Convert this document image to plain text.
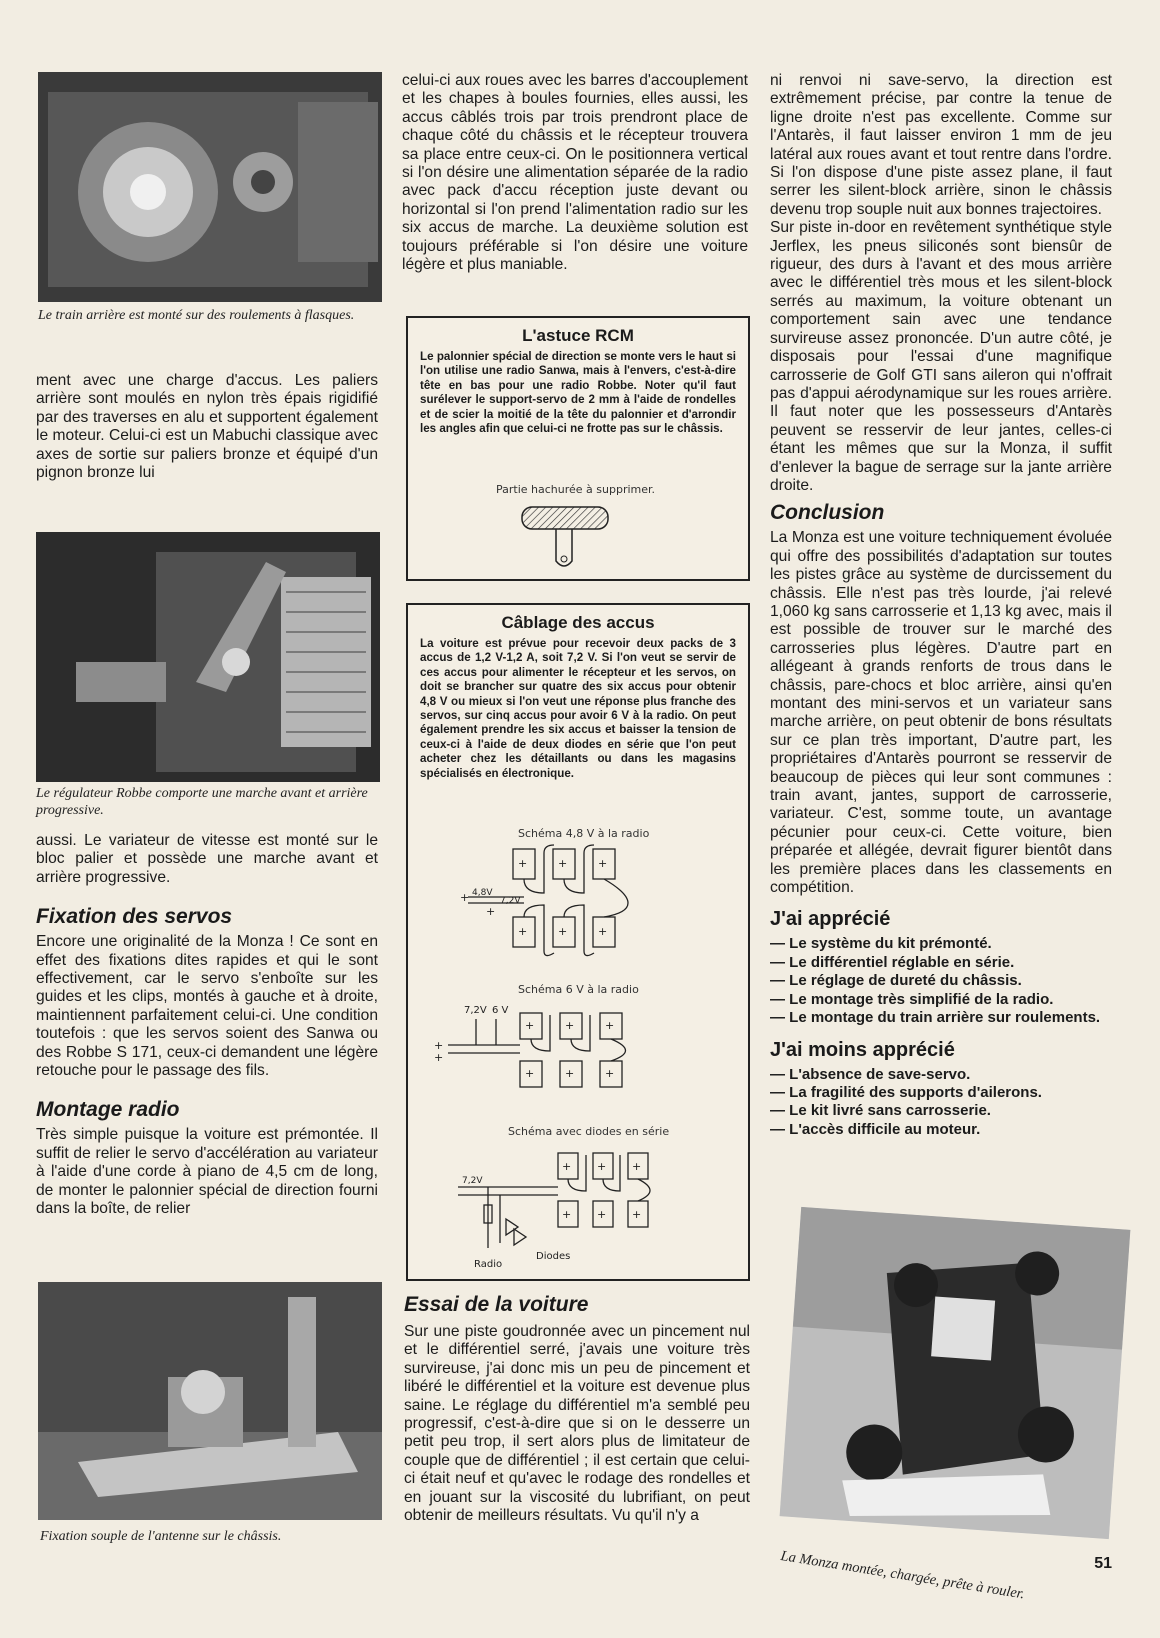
Le train arrière est monté sur des roulements à flasques.

ment avec une charge d'accus. Les paliers arrière sont moulés en nylon très épais rigidifié par des traverses en alu et supportent également le moteur. Celui-ci est un Mabuchi classique avec axes de sortie sur paliers bronze et équipé d'un pignon bronze lui

Le régulateur Robbe comporte une marche avant et arrière progressive.

aussi. Le variateur de vitesse est monté sur le bloc palier et possède une marche avant et arrière progressive.

Fixation des servos

Encore une originalité de la Monza ! Ce sont en effet des fixations dites rapides et qui le sont effectivement, car le servo s'enboîte sur les guides et les clips, montés à gauche et à droite, maintiennent parfaitement celui-ci. Une condition toutefois : que les servos soient des Sanwa ou des Robbe S 171, ceux-ci demandent une légère retouche pour le passage des fils.

Montage radio

Très simple puisque la voiture est prémontée. Il suffit de relier le servo d'accélération au variateur à l'aide d'une corde à piano de 4,5 cm de long, de monter le palonnier spécial de direction fourni dans la boîte, de relier

Fixation souple de l'antenne sur le châssis.

celui-ci aux roues avec les barres d'accouplement et les chapes à boules fournies, elles aussi, les accus câblés trois par trois prendront place de chaque côté du châssis et le récepteur trouvera sa place entre ceux-ci. On le positionnera vertical si l'on désire une alimentation séparée de la radio avec pack d'accu réception juste devant ou horizontal si l'on prend l'alimentation radio sur les six accus de marche. La deuxième solution est toujours préférable si l'on désire une voiture légère et plus maniable.

L'astuce RCM

Le palonnier spécial de direction se monte vers le haut si l'on utilise une radio Sanwa, mais à l'envers, c'est-à-dire tête en bas pour une radio Robbe. Noter qu'il faut surélever le support-servo de 2 mm à l'aide de rondelles et de scier la moitié de la tête du palonnier et d'arrondir les angles afin que celui-ci ne frotte pas sur le châssis.

Partie hachurée à supprimer.
Câblage des accus

La voiture est prévue pour recevoir deux packs de 3 accus de 1,2 V-1,2 A, soit 7,2 V. Si l'on veut se servir de ces accus pour alimenter le récepteur et les servos, on doit se brancher sur quatre des six accus pour obtenir 4,8 V ou mieux si l'on veut une réponse plus franche des servos, sur cinq accus pour avoir 6 V à la radio. On peut également prendre les six accus et baisser la tension de ceux-ci à l'aide de deux diodes en série que l'on peut acheter chez les détaillants ou dans les magasins spécialisés en électronique.

Schéma 4,8 V à la radio
+	+	+
+	+	+
+
+
4,8V
7,2V
Schéma 6 V à la radio
+	+	+
+	+	+
+
+
7,2V 6 V
Schéma avec diodes en série
+ + +
+ + +
7,2V
Radio
Diodes
Essai de la voiture

Sur une piste goudronnée avec un pincement nul et le différentiel serré, j'avais une voiture très survireuse, j'ai donc mis un peu de pincement et libéré le différentiel et la voiture est devenue plus saine. Le réglage du différentiel m'a semblé peu progressif, c'est-à-dire que si on le desserre un petit peu trop, il sert alors plus de limitateur de couple que de différentiel ; il est certain que celui-ci était neuf et qu'avec le rodage des rondelles et en jouant sur la viscosité du lubrifiant, on peut obtenir de meilleurs résultats. Vu qu'il n'y a

ni renvoi ni save-servo, la direction est extrêmement précise, par contre la tenue de ligne droite n'est pas excellente. Comme sur l'Antarès, il faut laisser environ 1 mm de jeu latéral aux roues avant et tout rentre dans l'ordre. Si l'on dispose d'une piste assez plane, il faut serrer les silent-block arrière, sinon le châssis devenu trop souple nuit aux bonnes trajectoires.

Sur piste in-door en revêtement synthétique style Jerflex, les pneus siliconés sont biensûr de rigueur, des durs à l'avant et des mous arrière avec le différentiel très mous et les silent-block serrés au maximum, la voiture obtenant un comportement sain avec une tendance survireuse assez prononcée. D'un autre côté, je disposais pour l'essai d'une magnifique carrosserie de Golf GTI sans aileron qui n'offrait pas d'appui aérodynamique sur les roues arrière. Il faut noter que les possesseurs d'Antarès peuvent se resservir de leur jantes, celles-ci étant les mêmes que sur la Monza, il suffit d'enlever la bague de serrage sur la jante arrière droite.

Conclusion

La Monza est une voiture techniquement évoluée qui offre des possibilités d'adaptation sur toutes les pistes grâce au système de durcissement du châssis. Elle n'est pas très lourde, j'ai relevé 1,060 kg sans carrosserie et 1,13 kg avec, mais il est possible de trouver sur le marché des carrosseries plus légères. D'autre part en allégeant à grands renforts de trous dans le châssis, pare-chocs et bloc arrière, ainsi qu'en montant des mini-servos et un variateur sans marche arrière, on peut obtenir de bons résultats sur ce plan très important, D'autre part, les propriétaires d'Antarès pourront se resservir de beaucoup de pièces qui leur sont communes : train avant, jantes, support de carrosserie, variateur. C'est, somme toute, un avantage pécunier pour ceux-ci. Cette voiture, bien préparée et allégée, devrait figurer bientôt dans les première places dans les classements en compétition.

J'ai apprécié
— Le système du kit prémonté.
— Le différentiel réglable en série.
— Le réglage de dureté du châssis.
— Le montage très simplifié de la radio.
— Le montage du train arrière sur roulements.
J'ai moins apprécié
— L'absence de save-servo.
— La fragilité des supports d'ailerons.
— Le kit livré sans carrosserie.
— L'accès difficile au moteur.
La Monza montée, chargée, prête à rouler.	51
